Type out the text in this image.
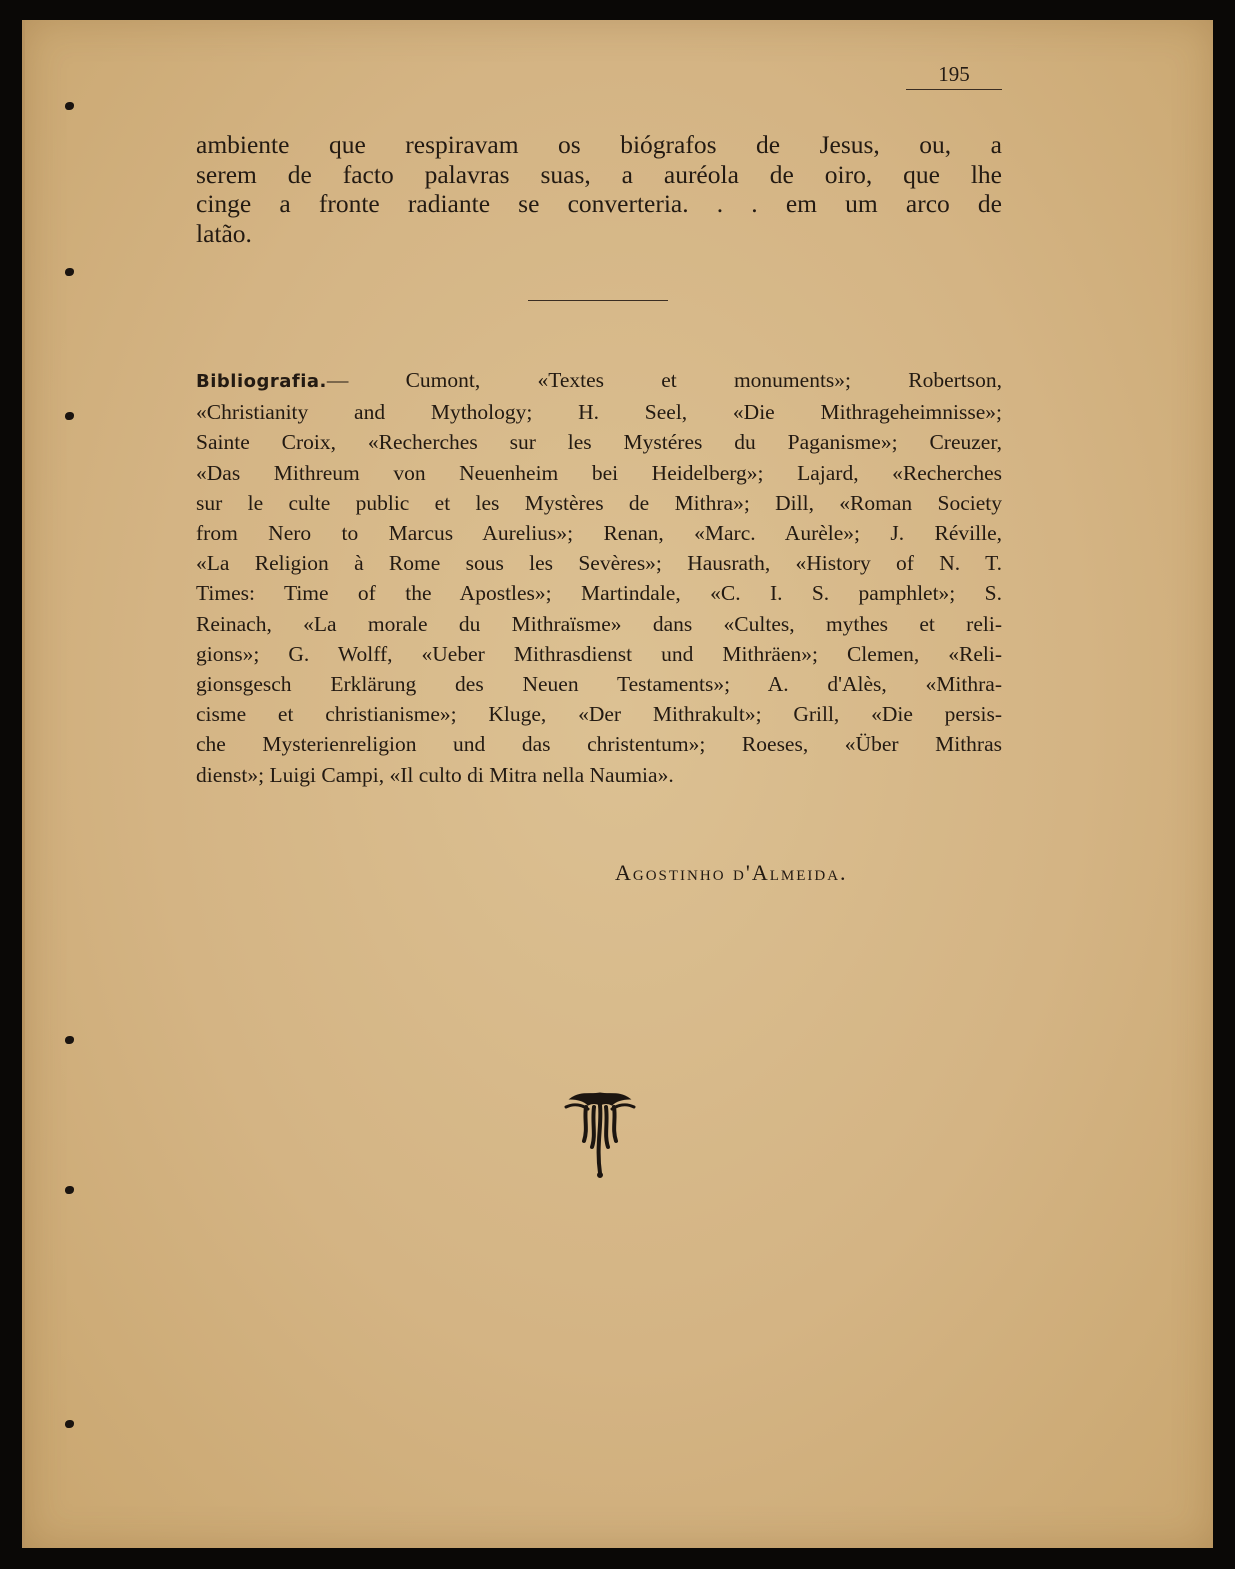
195
ambiente que respiravam os biógrafos de Jesus, ou, a
serem de facto palavras suas, a auréola de oiro, que lhe
cinge a fronte radiante se converteria. . . em um arco de
latão.
Bibliografia.— Cumont, «Textes et monuments»; Robertson,
«Christianity and Mythology; H. Seel, «Die Mithrageheimnisse»;
Sainte Croix, «Recherches sur les Mystéres du Paganisme»; Creuzer,
«Das Mithreum von Neuenheim bei Heidelberg»; Lajard, «Recherches
sur le culte public et les Mystères de Mithra»; Dill, «Roman Society
from Nero to Marcus Aurelius»; Renan, «Marc. Aurèle»; J. Réville,
«La Religion à Rome sous les Sevères»; Hausrath, «History of N. T.
Times: Time of the Apostles»; Martindale, «C. I. S. pamphlet»; S.
Reinach, «La morale du Mithraïsme» dans «Cultes, mythes et reli-
gions»; G. Wolff, «Ueber Mithrasdienst und Mithräen»; Clemen, «Reli-
gionsgesch Erklärung des Neuen Testaments»; A. d'Alès, «Mithra-
cisme et christianisme»; Kluge, «Der Mithrakult»; Grill, «Die persis-
che Mysterienreligion und das christentum»; Roeses, «Über Mithras
dienst»; Luigi Campi, «Il culto di Mitra nella Naumia».
Agostinho d'Almeida.
